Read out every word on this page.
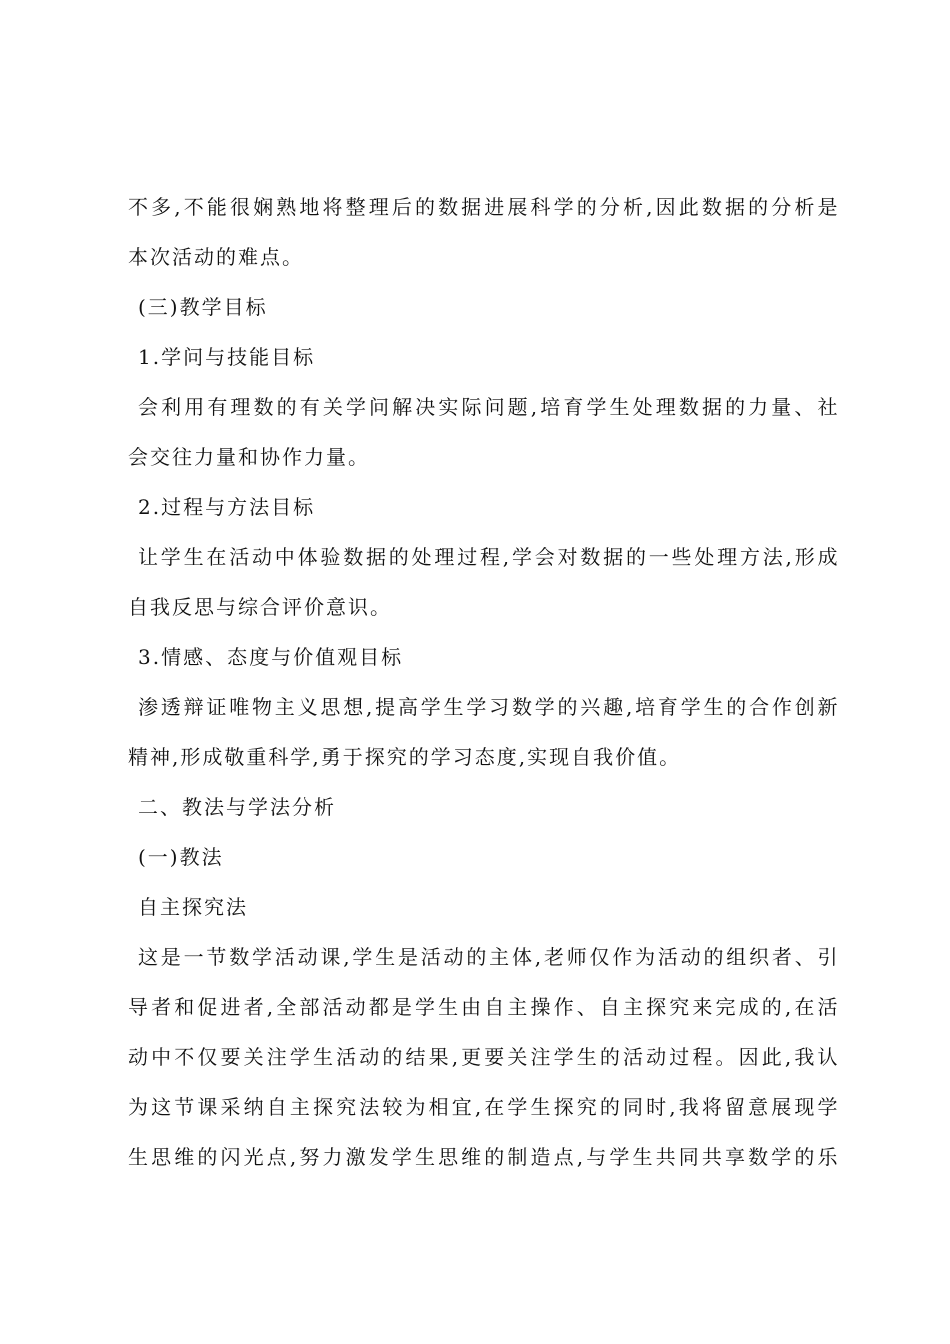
不多,不能很娴熟地将整理后的数据进展科学的分析,因此数据的分析是
本次活动的难点。
(三)教学目标
1.学问与技能目标
会利用有理数的有关学问解决实际问题,培育学生处理数据的力量、社
会交往力量和协作力量。
2.过程与方法目标
让学生在活动中体验数据的处理过程,学会对数据的一些处理方法,形成
自我反思与综合评价意识。
3.情感、态度与价值观目标
渗透辩证唯物主义思想,提高学生学习数学的兴趣,培育学生的合作创新
精神,形成敬重科学,勇于探究的学习态度,实现自我价值。
二、教法与学法分析
(一)教法
自主探究法
这是一节数学活动课,学生是活动的主体,老师仅作为活动的组织者、引
导者和促进者,全部活动都是学生由自主操作、自主探究来完成的,在活
动中不仅要关注学生活动的结果,更要关注学生的活动过程。因此,我认
为这节课采纳自主探究法较为相宜,在学生探究的同时,我将留意展现学
生思维的闪光点,努力激发学生思维的制造点,与学生共同共享数学的乐
